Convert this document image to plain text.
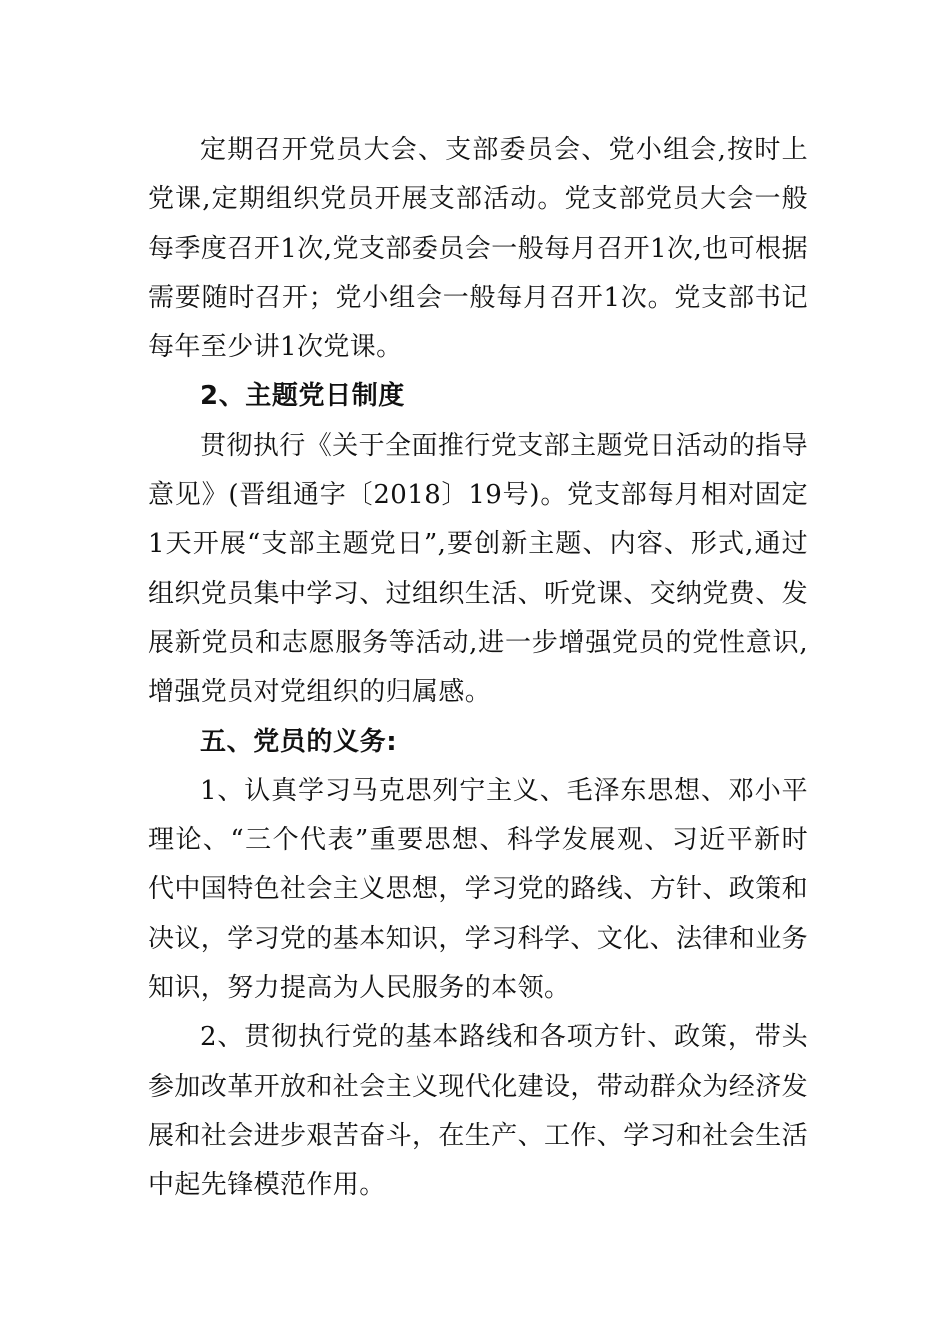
定期召开党员大会、支部委员会、党小组会,按时上党课,定期组织党员开展支部活动。党支部党员大会一般每季度召开1次,党支部委员会一般每月召开1次,也可根据需要随时召开；党小组会一般每月召开1次。党支部书记每年至少讲1次党课。

2、主题党日制度

贯彻执行《关于全面推行党支部主题党日活动的指导意见》(晋组通字〔2018〕19号)。党支部每月相对固定1天开展“支部主题党日”,要创新主题、内容、形式,通过组织党员集中学习、过组织生活、听党课、交纳党费、发展新党员和志愿服务等活动,进一步增强党员的党性意识,增强党员对党组织的归属感。

五、党员的义务:

1、认真学习马克思列宁主义、毛泽东思想、邓小平理论、“三个代表”重要思想、科学发展观、习近平新时代中国特色社会主义思想，学习党的路线、方针、政策和决议，学习党的基本知识，学习科学、文化、法律和业务知识，努力提高为人民服务的本领。

2、贯彻执行党的基本路线和各项方针、政策，带头参加改革开放和社会主义现代化建设，带动群众为经济发展和社会进步艰苦奋斗，在生产、工作、学习和社会生活中起先锋模范作用。
